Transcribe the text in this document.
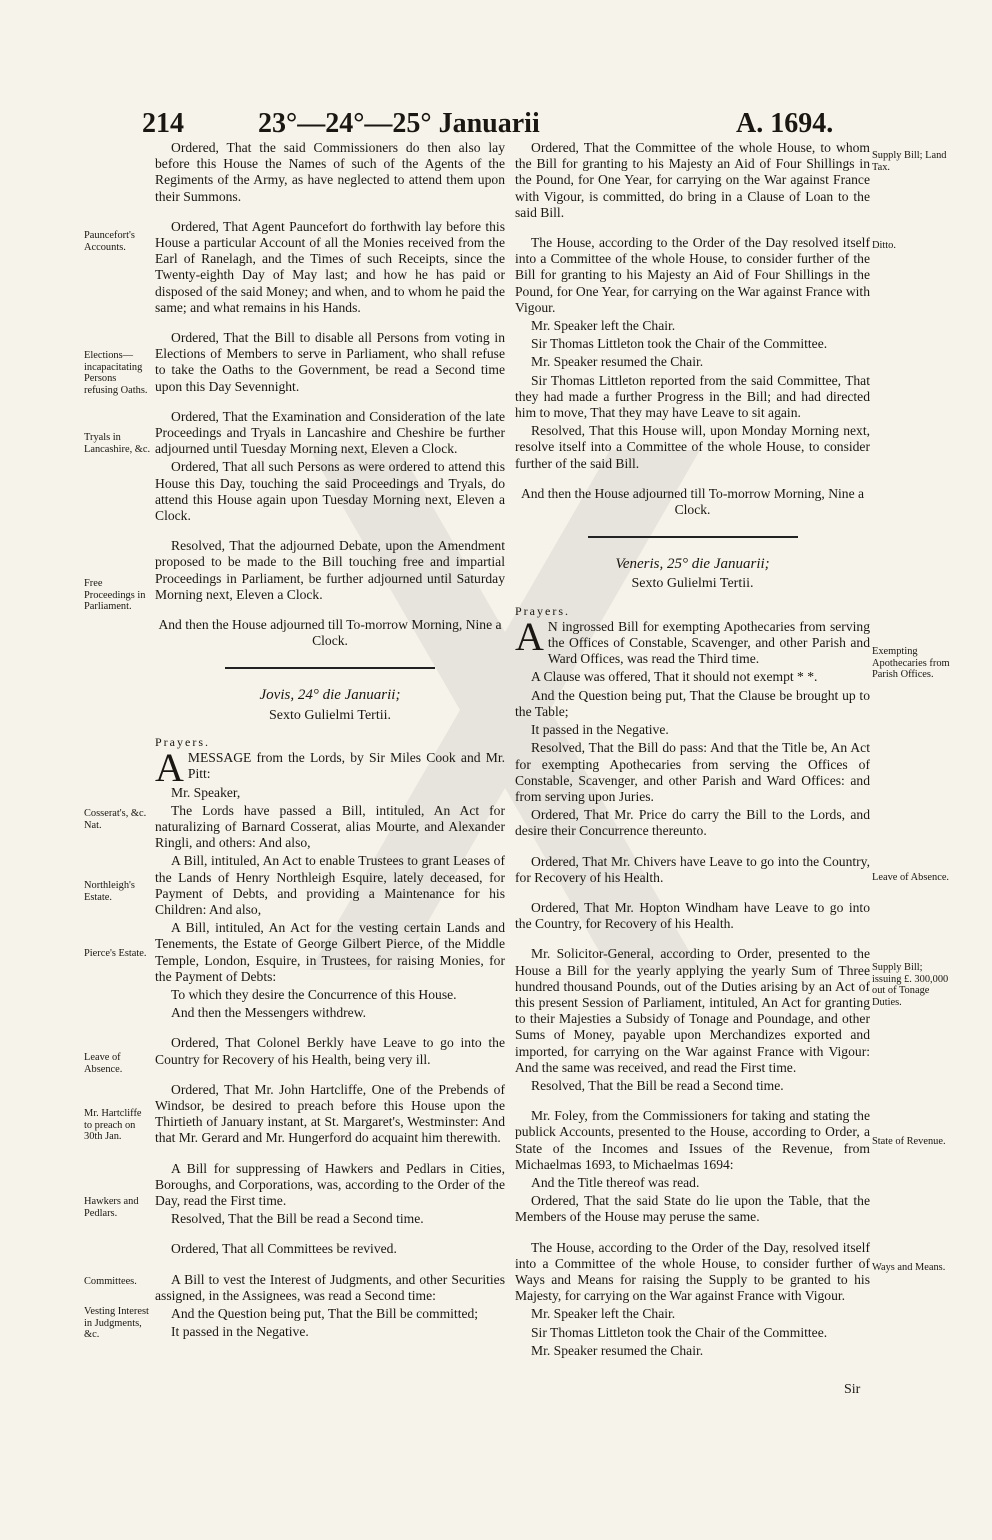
214	23°—24°—25° Januarii	A. 1694.

Ordered, That the said Commissioners do then also lay before this House the Names of such of the Agents of the Regiments of the Army, as have neglected to attend them upon their Summons.

Ordered, That Agent Pauncefort do forthwith lay before this House a particular Account of all the Monies received from the Earl of Ranelagh, and the Times of such Receipts, since the Twenty-eighth Day of May last; and how he has paid or disposed of the said Money; and when, and to whom he paid the same; and what remains in his Hands.

Ordered, That the Bill to disable all Persons from voting in Elections of Members to serve in Parliament, who shall refuse to take the Oaths to the Government, be read a Second time upon this Day Sevennight.

Ordered, That the Examination and Consideration of the late Proceedings and Tryals in Lancashire and Cheshire be further adjourned until Tuesday Morning next, Eleven a Clock.

Ordered, That all such Persons as were ordered to attend this House this Day, touching the said Proceedings and Tryals, do attend this House again upon Tuesday Morning next, Eleven a Clock.

Resolved, That the adjourned Debate, upon the Amendment proposed to be made to the Bill touching free and impartial Proceedings in Parliament, be further adjourned until Saturday Morning next, Eleven a Clock.

And then the House adjourned till To-morrow Morning, Nine a Clock.

Jovis, 24° die Januarii;

Sexto Gulielmi Tertii.

Prayers.

AMESSAGE from the Lords, by Sir Miles Cook and Mr. Pitt:

Mr. Speaker,

The Lords have passed a Bill, intituled, An Act for naturalizing of Barnard Cosserat, alias Mourte, and Alexander Ringli, and others: And also,

A Bill, intituled, An Act to enable Trustees to grant Leases of the Lands of Henry Northleigh Esquire, lately deceased, for Payment of Debts, and providing a Maintenance for his Children: And also,

A Bill, intituled, An Act for the vesting certain Lands and Tenements, the Estate of George Gilbert Pierce, of the Middle Temple, London, Esquire, in Trustees, for raising Monies, for the Payment of Debts:

To which they desire the Concurrence of this House.

And then the Messengers withdrew.

Ordered, That Colonel Berkly have Leave to go into the Country for Recovery of his Health, being very ill.

Ordered, That Mr. John Hartcliffe, One of the Prebends of Windsor, be desired to preach before this House upon the Thirtieth of January instant, at St. Margaret's, Westminster: And that Mr. Gerard and Mr. Hungerford do acquaint him therewith.

A Bill for suppressing of Hawkers and Pedlars in Cities, Boroughs, and Corporations, was, according to the Order of the Day, read the First time.

Resolved, That the Bill be read a Second time.

Ordered, That all Committees be revived.

A Bill to vest the Interest of Judgments, and other Securities assigned, in the Assignees, was read a Second time:

And the Question being put, That the Bill be committed;

It passed in the Negative.

Ordered, That the Committee of the whole House, to whom the Bill for granting to his Majesty an Aid of Four Shillings in the Pound, for One Year, for carrying on the War against France with Vigour, is committed, do bring in a Clause of Loan to the said Bill.

The House, according to the Order of the Day resolved itself into a Committee of the whole House, to consider further of the Bill for granting to his Majesty an Aid of Four Shillings in the Pound, for One Year, for carrying on the War against France with Vigour.

Mr. Speaker left the Chair.

Sir Thomas Littleton took the Chair of the Committee.

Mr. Speaker resumed the Chair.

Sir Thomas Littleton reported from the said Committee, That they had made a further Progress in the Bill; and had directed him to move, That they may have Leave to sit again.

Resolved, That this House will, upon Monday Morning next, resolve itself into a Committee of the whole House, to consider further of the said Bill.

And then the House adjourned till To-morrow Morning, Nine a Clock.

Veneris, 25° die Januarii;

Sexto Gulielmi Tertii.

Prayers.

A N ingrossed Bill for exempting Apothecaries from serving the Offices of Constable, Scavenger, and other Parish and Ward Offices, was read the Third time.

A Clause was offered, That it should not exempt * *.

And the Question being put, That the Clause be brought up to the Table;

It passed in the Negative.

Resolved, That the Bill do pass: And that the Title be, An Act for exempting Apothecaries from serving the Offices of Constable, Scavenger, and other Parish and Ward Offices: and from serving upon Juries.

Ordered, That Mr. Price do carry the Bill to the Lords, and desire their Concurrence thereunto.

Ordered, That Mr. Chivers have Leave to go into the Country, for Recovery of his Health.

Ordered, That Mr. Hopton Windham have Leave to go into the Country, for Recovery of his Health.

Mr. Solicitor-General, according to Order, presented to the House a Bill for the yearly applying the yearly Sum of Three hundred thousand Pounds, out of the Duties arising by an Act of this present Session of Parliament, intituled, An Act for granting to their Majesties a Subsidy of Tonage and Poundage, and other Sums of Money, payable upon Merchandizes exported and imported, for carrying on the War against France with Vigour: And the same was received, and read the First time.

Resolved, That the Bill be read a Second time.

Mr. Foley, from the Commissioners for taking and stating the publick Accounts, presented to the House, according to Order, a State of the Incomes and Issues of the Revenue, from Michaelmas 1693, to Michaelmas 1694:

And the Title thereof was read.

Ordered, That the said State do lie upon the Table, that the Members of the House may peruse the same.

The House, according to the Order of the Day, resolved itself into a Committee of the whole House, to consider further of Ways and Means for raising the Supply to be granted to his Majesty, for carrying on the War against France with Vigour.

Mr. Speaker left the Chair.

Sir Thomas Littleton took the Chair of the Committee.

Mr. Speaker resumed the Chair.

Pauncefort's Accounts.
Elections—incapacitating Persons refusing Oaths.
Tryals in Lancashire, &c.
Free Proceedings in Parliament.
Cosserat's, &c. Nat.
Northleigh's Estate.
Pierce's Estate.
Leave of Absence.
Mr. Hartcliffe to preach on 30th Jan.
Hawkers and Pedlars.
Committees.
Vesting Interest in Judgments, &c.
Supply Bill; Land Tax.
Ditto.
Exempting Apothecaries from Parish Offices.
Leave of Absence.
Supply Bill; issuing £. 300,000 out of Tonage Duties.
State of Revenue.
Ways and Means.
Sir
